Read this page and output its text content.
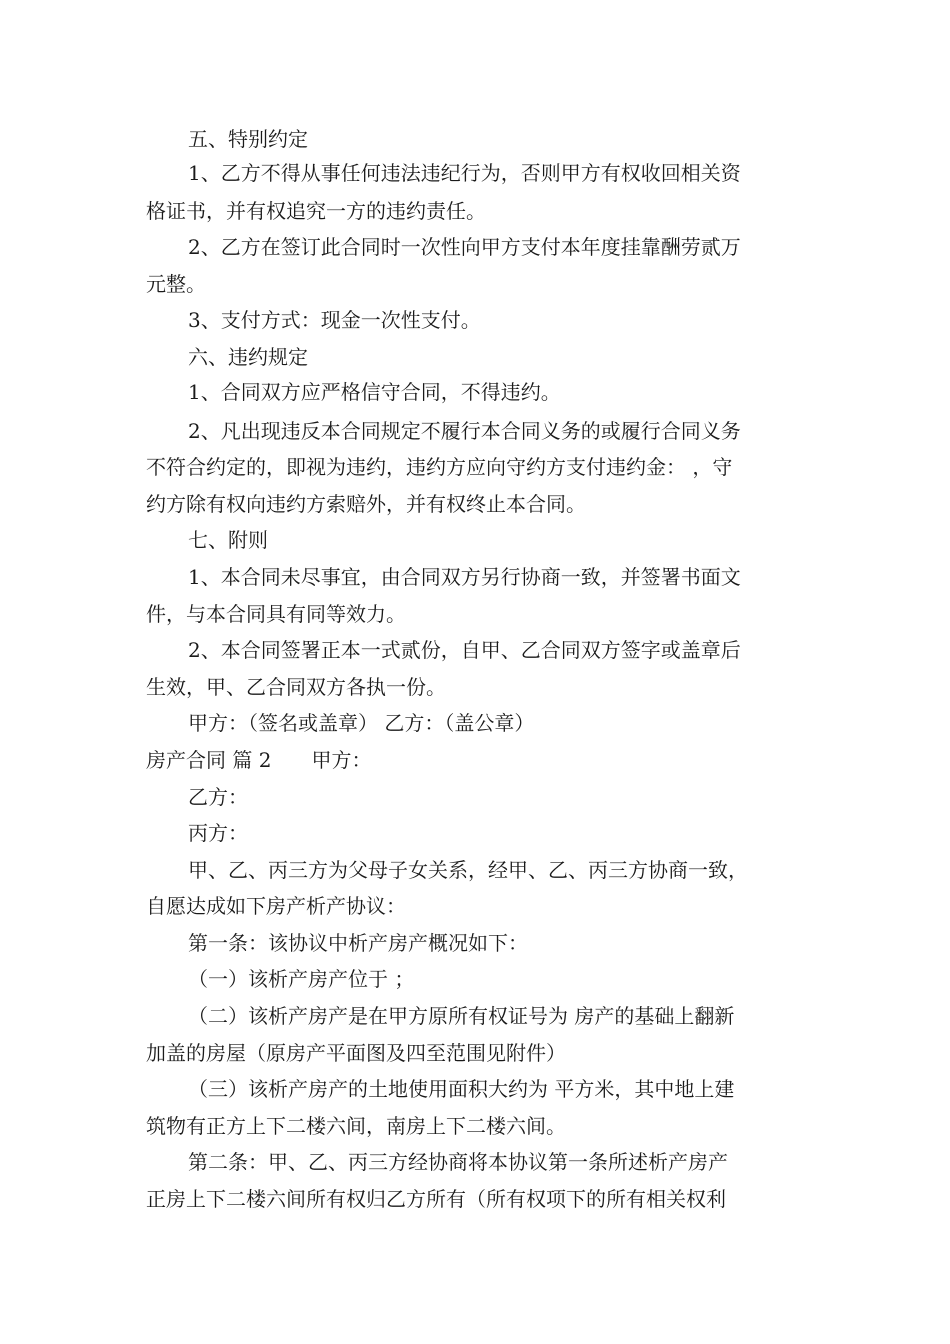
五、特别约定
1、乙方不得从事任何违法违纪行为，否则甲方有权收回相关资
格证书，并有权追究一方的违约责任。
2、乙方在签订此合同时一次性向甲方支付本年度挂靠酬劳贰万
元整。
3、支付方式：现金一次性支付。
六、违约规定
1、合同双方应严格信守合同，不得违约。
2、凡出现违反本合同规定不履行本合同义务的或履行合同义务
不符合约定的，即视为违约，违约方应向守约方支付违约金： ，守
约方除有权向违约方索赔外，并有权终止本合同。
七、附则
1、本合同未尽事宜，由合同双方另行协商一致，并签署书面文
件，与本合同具有同等效力。
2、本合同签署正本一式贰份，自甲、乙合同双方签字或盖章后
生效，甲、乙合同双方各执一份。
甲方：（签名或盖章） 乙方：（盖公章）
房产合同 篇 2　　甲方：
乙方：
丙方：
甲、乙、丙三方为父母子女关系，经甲、乙、丙三方协商一致，
自愿达成如下房产析产协议：
第一条：该协议中析产房产概况如下：
（一）该析产房产位于 ；
（二）该析产房产是在甲方原所有权证号为 房产的基础上翻新
加盖的房屋（原房产平面图及四至范围见附件）
（三）该析产房产的土地使用面积大约为 平方米，其中地上建
筑物有正方上下二楼六间，南房上下二楼六间。
第二条：甲、乙、丙三方经协商将本协议第一条所述析产房产
正房上下二楼六间所有权归乙方所有（所有权项下的所有相关权利
